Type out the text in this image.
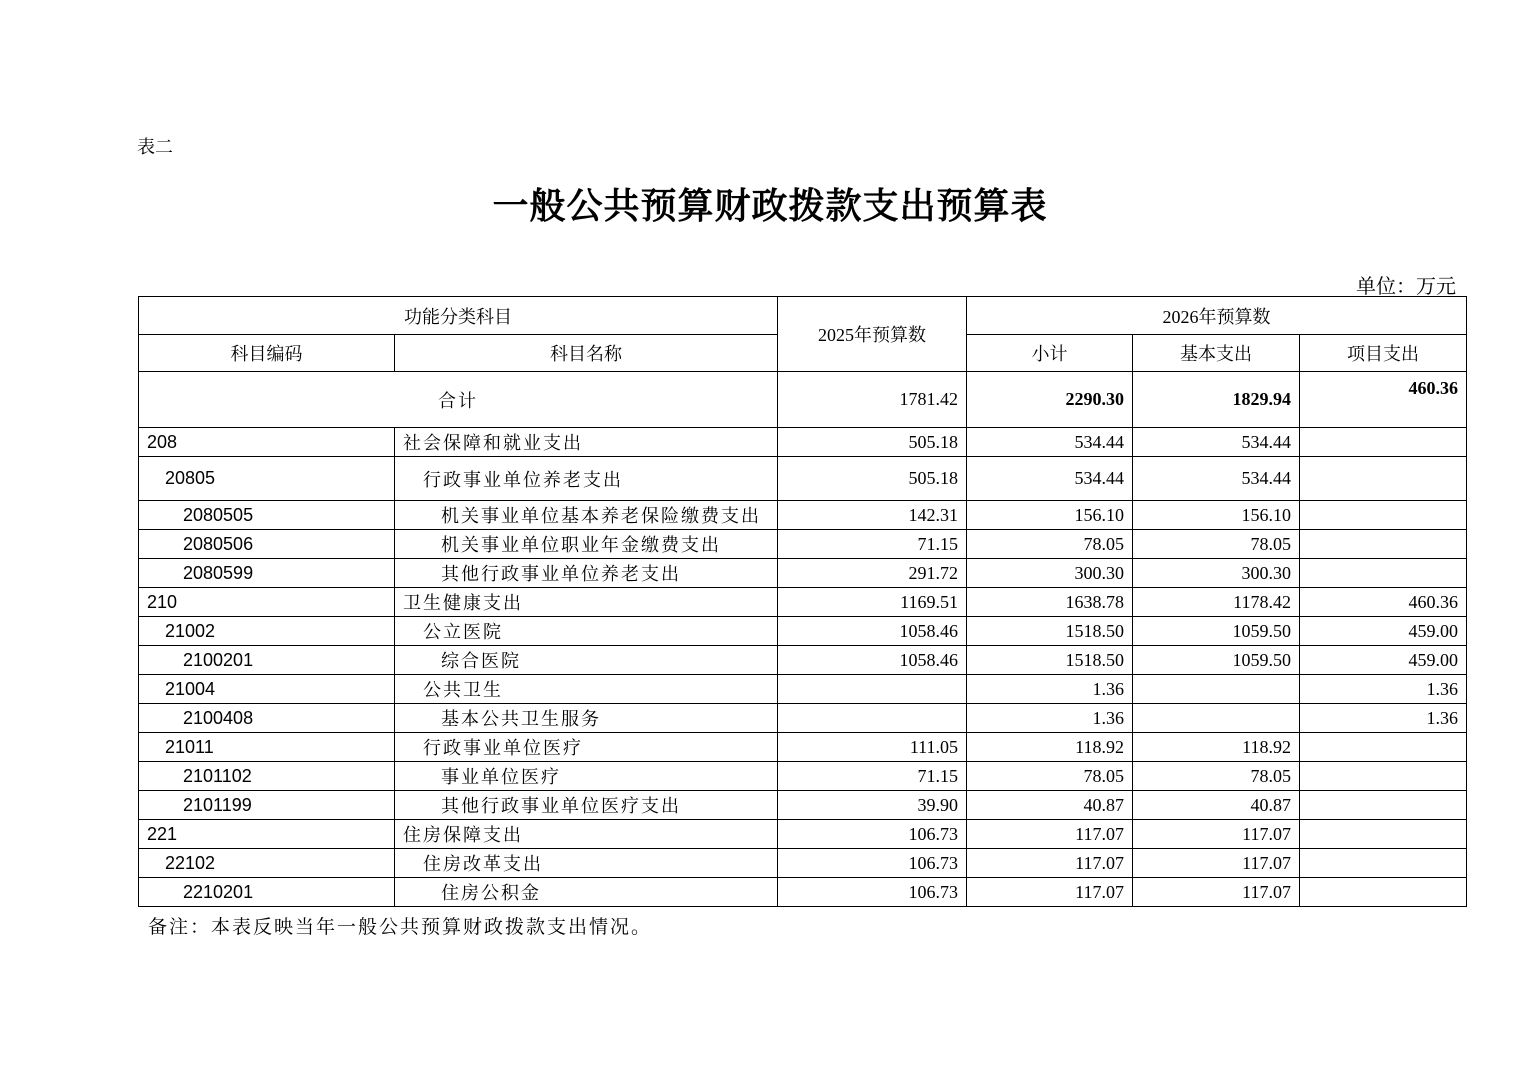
表二
一般公共预算财政拨款支出预算表
单位：万元
功能分类科目		2025年预算数	2026年预算数		
科目编码	科目名称		小计	基本支出	项目支出
合计		1781.42	2290.30	1829.94	460.36
208	社会保障和就业支出	505.18	534.44	534.44	
20805	行政事业单位养老支出	505.18	534.44	534.44	
2080505	机关事业单位基本养老保险缴费支出	142.31	156.10	156.10	
2080506	机关事业单位职业年金缴费支出	71.15	78.05	78.05	
2080599	其他行政事业单位养老支出	291.72	300.30	300.30	
210	卫生健康支出	1169.51	1638.78	1178.42	460.36
21002	公立医院	1058.46	1518.50	1059.50	459.00
2100201	综合医院	1058.46	1518.50	1059.50	459.00
21004	公共卫生		1.36		1.36
2100408	基本公共卫生服务		1.36		1.36
21011	行政事业单位医疗	111.05	118.92	118.92	
2101102	事业单位医疗	71.15	78.05	78.05	
2101199	其他行政事业单位医疗支出	39.90	40.87	40.87	
221	住房保障支出	106.73	117.07	117.07	
22102	住房改革支出	106.73	117.07	117.07	
2210201	住房公积金	106.73	117.07	117.07	
备注：本表反映当年一般公共预算财政拨款支出情况。
